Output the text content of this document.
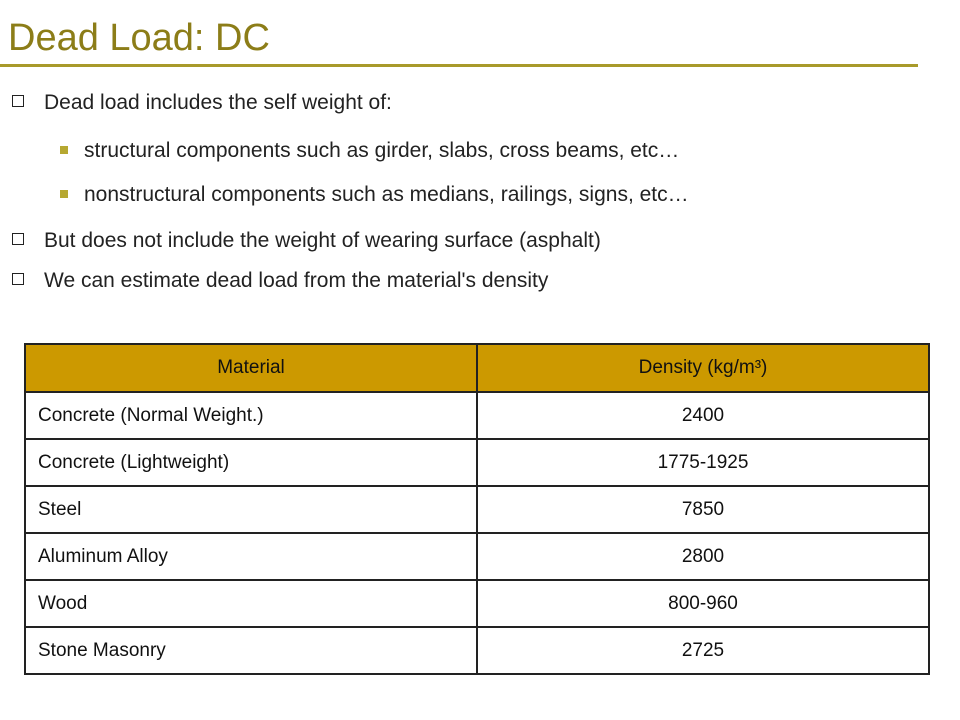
Dead Load: DC
Dead load includes the self weight of:
structural components such as girder, slabs, cross beams, etc…
nonstructural components such as medians, railings, signs, etc…
But does not include the weight of wearing surface (asphalt)
We can estimate dead load from the material's density
Material	Density (kg/m³)
Concrete (Normal Weight.)	2400
Concrete (Lightweight)	1775-1925
Steel	7850
Aluminum Alloy	2800
Wood	800-960
Stone Masonry	2725
